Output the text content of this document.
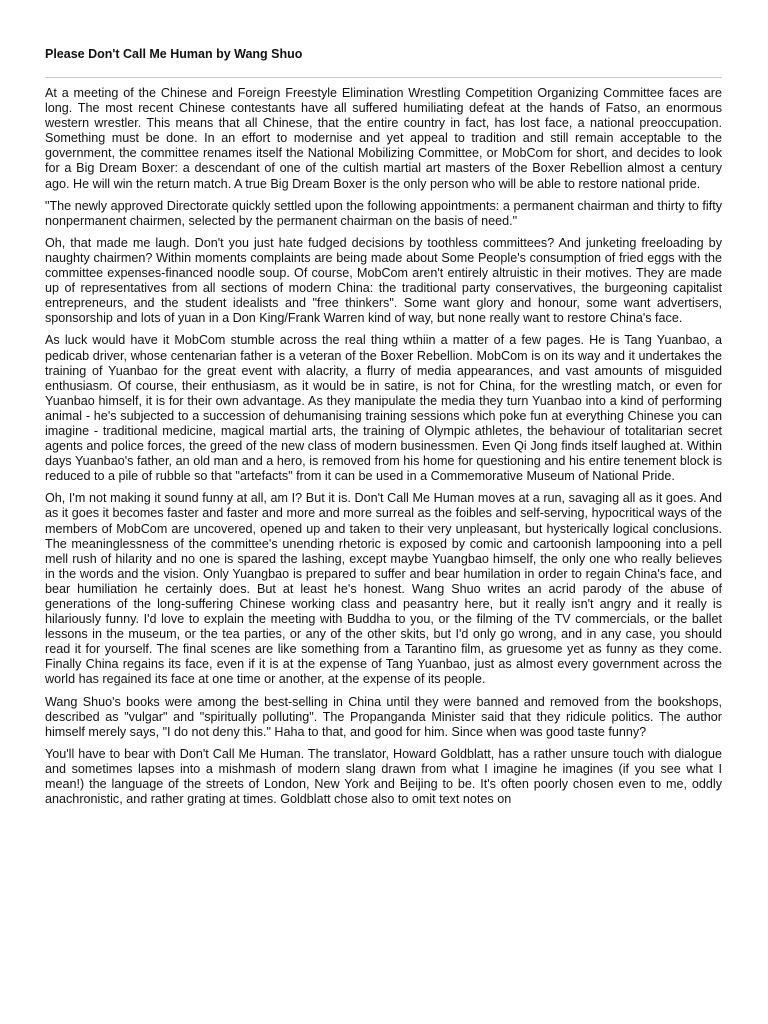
Please Don't Call Me Human by Wang Shuo

At a meeting of the Chinese and Foreign Freestyle Elimination Wrestling Competition Organizing Committee faces are long. The most recent Chinese contestants have all suffered humiliating defeat at the hands of Fatso, an enormous western wrestler. This means that all Chinese, that the entire country in fact, has lost face, a national preoccupation. Something must be done. In an effort to modernise and yet appeal to tradition and still remain acceptable to the government, the committee renames itself the National Mobilizing Committee, or MobCom for short, and decides to look for a Big Dream Boxer: a descendant of one of the cultish martial art masters of the Boxer Rebellion almost a century ago. He will win the return match. A true Big Dream Boxer is the only person who will be able to restore national pride.

"The newly approved Directorate quickly settled upon the following appointments: a permanent chairman and thirty to fifty nonpermanent chairmen, selected by the permanent chairman on the basis of need."

Oh, that made me laugh. Don't you just hate fudged decisions by toothless committees? And junketing freeloading by naughty chairmen? Within moments complaints are being made about Some People's consumption of fried eggs with the committee expenses-financed noodle soup. Of course, MobCom aren't entirely altruistic in their motives. They are made up of representatives from all sections of modern China: the traditional party conservatives, the burgeoning capitalist entrepreneurs, and the student idealists and "free thinkers". Some want glory and honour, some want advertisers, sponsorship and lots of yuan in a Don King/Frank Warren kind of way, but none really want to restore China's face.

As luck would have it MobCom stumble across the real thing wthiin a matter of a few pages. He is Tang Yuanbao, a pedicab driver, whose centenarian father is a veteran of the Boxer Rebellion. MobCom is on its way and it undertakes the training of Yuanbao for the great event with alacrity, a flurry of media appearances, and vast amounts of misguided enthusiasm. Of course, their enthusiasm, as it would be in satire, is not for China, for the wrestling match, or even for Yuanbao himself, it is for their own advantage. As they manipulate the media they turn Yuanbao into a kind of performing animal - he's subjected to a succession of dehumanising training sessions which poke fun at everything Chinese you can imagine - traditional medicine, magical martial arts, the training of Olympic athletes, the behaviour of totalitarian secret agents and police forces, the greed of the new class of modern businessmen. Even Qi Jong finds itself laughed at. Within days Yuanbao's father, an old man and a hero, is removed from his home for questioning and his entire tenement block is reduced to a pile of rubble so that "artefacts" from it can be used in a Commemorative Museum of National Pride.

Oh, I'm not making it sound funny at all, am I? But it is. Don't Call Me Human moves at a run, savaging all as it goes. And as it goes it becomes faster and faster and more and more surreal as the foibles and self-serving, hypocritical ways of the members of MobCom are uncovered, opened up and taken to their very unpleasant, but hysterically logical conclusions. The meaninglessness of the committee's unending rhetoric is exposed by comic and cartoonish lampooning into a pell mell rush of hilarity and no one is spared the lashing, except maybe Yuangbao himself, the only one who really believes in the words and the vision. Only Yuangbao is prepared to suffer and bear humilation in order to regain China's face, and bear humiliation he certainly does. But at least he's honest. Wang Shuo writes an acrid parody of the abuse of generations of the long-suffering Chinese working class and peasantry here, but it really isn't angry and it really is hilariously funny. I'd love to explain the meeting with Buddha to you, or the filming of the TV commercials, or the ballet lessons in the museum, or the tea parties, or any of the other skits, but I'd only go wrong, and in any case, you should read it for yourself. The final scenes are like something from a Tarantino film, as gruesome yet as funny as they come. Finally China regains its face, even if it is at the expense of Tang Yuanbao, just as almost every government across the world has regained its face at one time or another, at the expense of its people.

Wang Shuo's books were among the best-selling in China until they were banned and removed from the bookshops, described as "vulgar" and "spiritually polluting". The Propanganda Minister said that they ridicule politics. The author himself merely says, "I do not deny this." Haha to that, and good for him. Since when was good taste funny?

You'll have to bear with Don't Call Me Human. The translator, Howard Goldblatt, has a rather unsure touch with dialogue and sometimes lapses into a mishmash of modern slang drawn from what I imagine he imagines (if you see what I mean!) the language of the streets of London, New York and Beijing to be. It's often poorly chosen even to me, oddly anachronistic, and rather grating at times. Goldblatt chose also to omit text notes on
